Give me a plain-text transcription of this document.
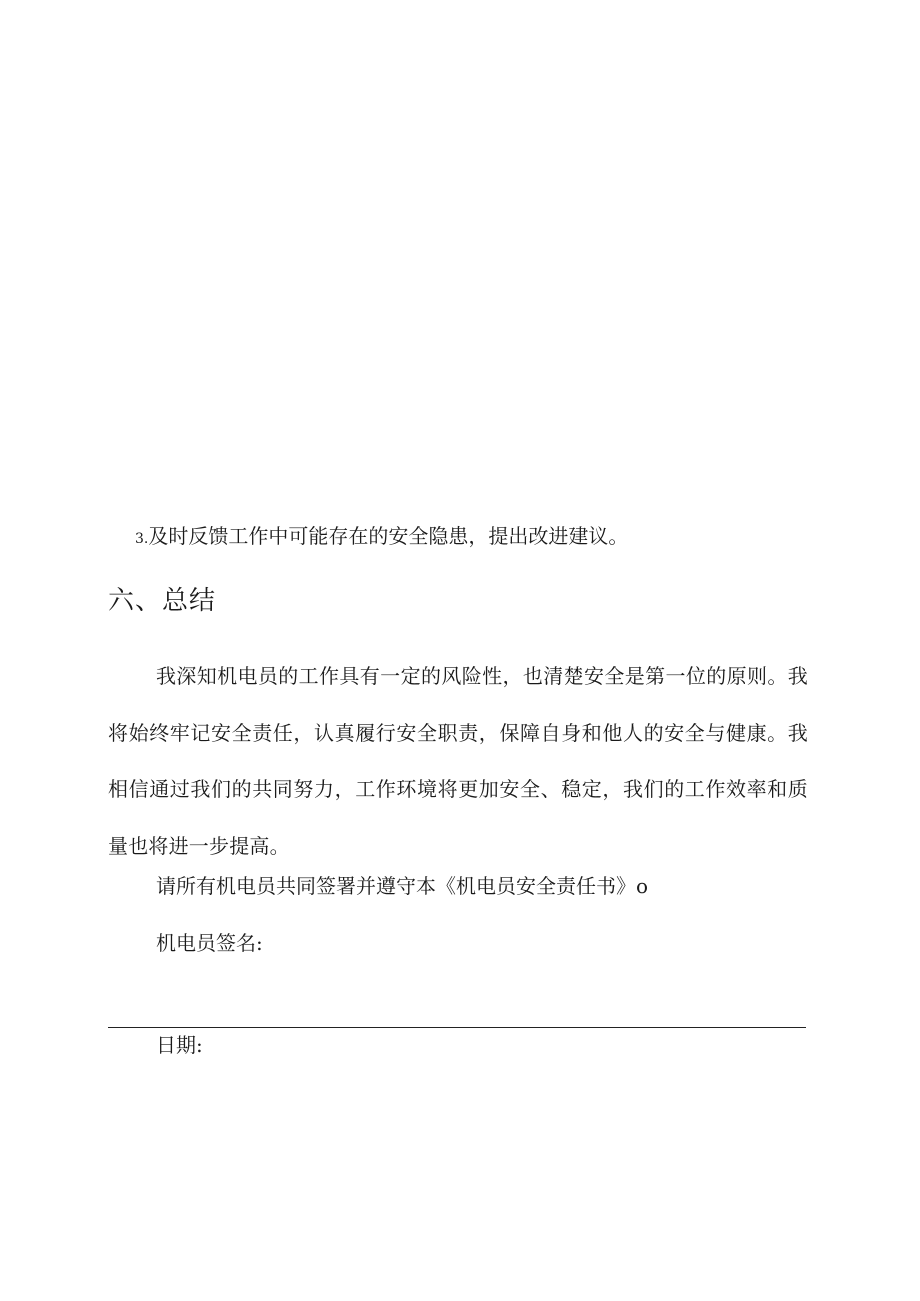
3.及时反馈工作中可能存在的安全隐患，提出改进建议。
六、总结

我深知机电员的工作具有一定的风险性，也清楚安全是第一位的原则。我将始终牢记安全责任，认真履行安全职责，保障自身和他人的安全与健康。我相信通过我们的共同努力，工作环境将更加安全、稳定，我们的工作效率和质量也将进一步提高。

请所有机电员共同签署并遵守本《机电员安全责任书》o
机电员签名:
日期:
